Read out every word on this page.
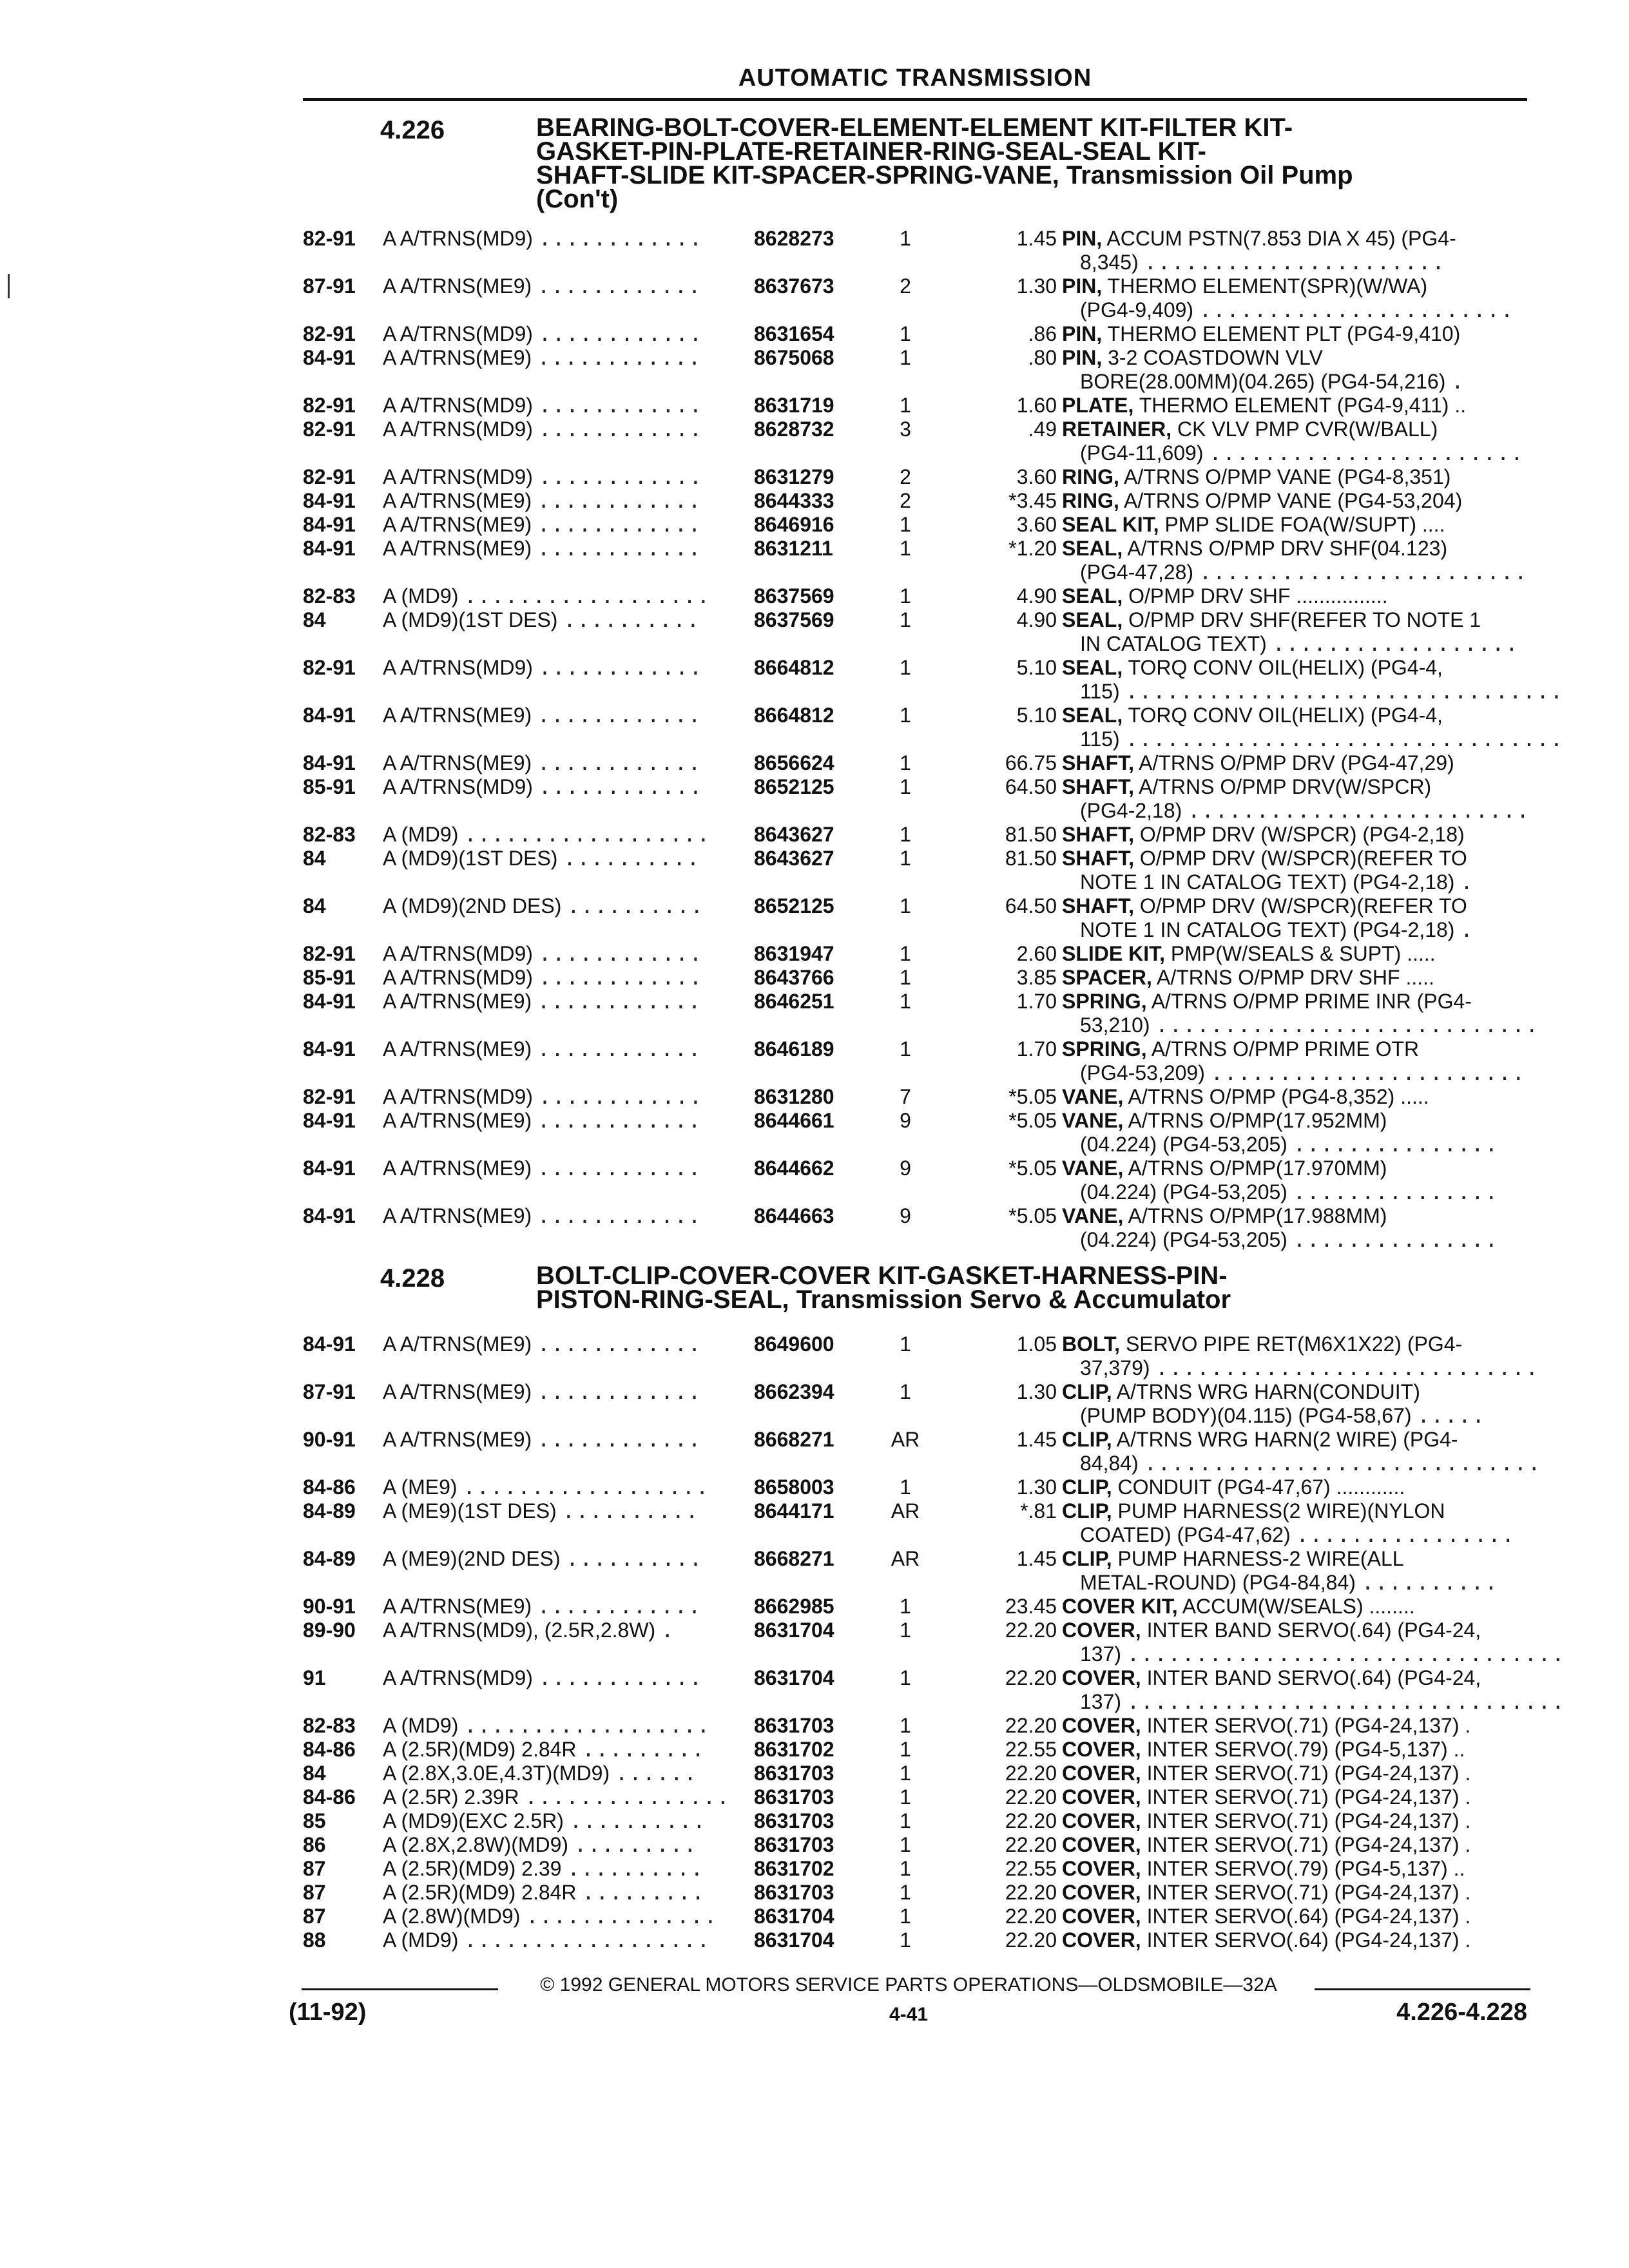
AUTOMATIC TRANSMISSION
4.226	BEARING-BOLT-COVER-ELEMENT-ELEMENT KIT-FILTER KIT-
GASKET-PIN-PLATE-RETAINER-RING-SEAL-SEAL KIT-
SHAFT-SLIDE KIT-SPACER-SPRING-VANE, Transmission Oil Pump
(Con't)
4.228	BOLT-CLIP-COVER-COVER KIT-GASKET-HARNESS-PIN-
PISTON-RING-SEAL, Transmission Servo & Accumulator
82-91 A A/TRNS(MD9) ............ 8628273	1	1.45 PIN, ACCUM PSTN(7.853 DIA X 45) (PG4-
8,345) ......................
87-91 A A/TRNS(ME9) ............	8637673	2	1.30 PIN, THERMO ELEMENT(SPR)(W/WA)
(PG4-9,409) .......................
82-91 A A/TRNS(MD9) ............ 8631654	1	.86 PIN, THERMO ELEMENT PLT (PG4-9,410)
84-91 A A/TRNS(ME9) ............	8675068	1	.80 PIN, 3-2 COASTDOWN VLV
BORE(28.00MM)(04.265) (PG4-54,216) .
82-91 A A/TRNS(MD9) ............ 8631719	1	1.60 PLATE, THERMO ELEMENT (PG4-9,411) ..
82-91 A A/TRNS(MD9) ............ 8628732	3	.49 RETAINER, CK VLV PMP CVR(W/BALL)
(PG4-11,609) .......................
82-91 A A/TRNS(MD9) ............ 8631279	2	3.60 RING, A/TRNS O/PMP VANE (PG4-8,351)
84-91 A A/TRNS(ME9) ............	8644333	2	*3.45 RING, A/TRNS O/PMP VANE (PG4-53,204)
84-91 A A/TRNS(ME9) ............	8646916	1	3.60 SEAL KIT, PMP SLIDE FOA(W/SUPT) ....
84-91 A A/TRNS(ME9) ............	8631211	1	*1.20 SEAL, A/TRNS O/PMP DRV SHF(04.123)
(PG4-47,28) ........................
82-83 A (MD9) .................. 8637569	1	4.90 SEAL, O/PMP DRV SHF ................
84	A (MD9)(1ST DES) ..........	8637569	1	4.90 SEAL, O/PMP DRV SHF(REFER TO NOTE 1
IN CATALOG TEXT) ..................
82-91 A A/TRNS(MD9) ............ 8664812	1	5.10 SEAL, TORQ CONV OIL(HELIX) (PG4-4,
115) ................................
84-91 A A/TRNS(ME9) ............	8664812	1	5.10 SEAL, TORQ CONV OIL(HELIX) (PG4-4,
115) ................................
84-91 A A/TRNS(ME9) ............	8656624	1	66.75 SHAFT, A/TRNS O/PMP DRV (PG4-47,29)
85-91 A A/TRNS(MD9) ............ 8652125	1	64.50 SHAFT, A/TRNS O/PMP DRV(W/SPCR)
(PG4-2,18) .........................
82-83 A (MD9) .................. 8643627	1	81.50 SHAFT, O/PMP DRV (W/SPCR) (PG4-2,18)
84	A (MD9)(1ST DES) ..........	8643627	1	81.50 SHAFT, O/PMP DRV (W/SPCR)(REFER TO
NOTE 1 IN CATALOG TEXT) (PG4-2,18) .
84	A (MD9)(2ND DES) .......... 8652125	1	64.50 SHAFT, O/PMP DRV (W/SPCR)(REFER TO
NOTE 1 IN CATALOG TEXT) (PG4-2,18) .
82-91 A A/TRNS(MD9) ............ 8631947	1	2.60 SLIDE KIT, PMP(W/SEALS & SUPT) .....
85-91 A A/TRNS(MD9) ............ 8643766	1	3.85 SPACER, A/TRNS O/PMP DRV SHF .....
84-91 A A/TRNS(ME9) ............	8646251	1	1.70 SPRING, A/TRNS O/PMP PRIME INR (PG4-
53,210) ............................
84-91 A A/TRNS(ME9) ............	8646189	1	1.70 SPRING, A/TRNS O/PMP PRIME OTR
(PG4-53,209) .......................
82-91 A A/TRNS(MD9) ............ 8631280	7	*5.05 VANE, A/TRNS O/PMP (PG4-8,352) .....
84-91 A A/TRNS(ME9) ............	8644661	9	*5.05 VANE, A/TRNS O/PMP(17.952MM)
(04.224) (PG4-53,205) ...............
84-91 A A/TRNS(ME9) ............	8644662	9	*5.05 VANE, A/TRNS O/PMP(17.970MM)
(04.224) (PG4-53,205) ...............
84-91 A A/TRNS(ME9) ............	8644663	9	*5.05 VANE, A/TRNS O/PMP(17.988MM)
(04.224) (PG4-53,205) ...............
84-91 A A/TRNS(ME9) ............	8649600	1	1.05 BOLT, SERVO PIPE RET(M6X1X22) (PG4-
37,379) ............................
87-91 A A/TRNS(ME9) ............	8662394	1	1.30 CLIP, A/TRNS WRG HARN(CONDUIT)
(PUMP BODY)(04.115) (PG4-58,67) .....
90-91 A A/TRNS(ME9) ............	8668271	AR	1.45 CLIP, A/TRNS WRG HARN(2 WIRE) (PG4-
84,84) .............................
84-86 A (ME9) .................. 8658003	1	1.30 CLIP, CONDUIT (PG4-47,67) ............
84-89 A (ME9)(1ST DES) ..........	8644171	AR	*.81 CLIP, PUMP HARNESS(2 WIRE)(NYLON
COATED) (PG4-47,62) ................
84-89 A (ME9)(2ND DES) .......... 8668271	AR	1.45 CLIP, PUMP HARNESS-2 WIRE(ALL
METAL-ROUND) (PG4-84,84) ..........
90-91 A A/TRNS(ME9) ............	8662985	1	23.45 COVER KIT, ACCUM(W/SEALS) ........
89-90 A A/TRNS(MD9), (2.5R,2.8W) .	8631704	1	22.20 COVER, INTER BAND SERVO(.64) (PG4-24,
137) ................................
91	A A/TRNS(MD9) ............ 8631704	1	22.20 COVER, INTER BAND SERVO(.64) (PG4-24,
137) ................................
82-83 A (MD9) .................. 8631703	1	22.20 COVER, INTER SERVO(.71) (PG4-24,137) .
84-86 A (2.5R)(MD9) 2.84R ......... 8631702	1	22.55 COVER, INTER SERVO(.79) (PG4-5,137) ..
84	A (2.8X,3.0E,4.3T)(MD9) ......	8631703	1	22.20 COVER, INTER SERVO(.71) (PG4-24,137) .
84-86 A (2.5R) 2.39R ............... 8631703	1	22.20 COVER, INTER SERVO(.71) (PG4-24,137) .
85	A (MD9)(EXC 2.5R) .......... 8631703	1	22.20 COVER, INTER SERVO(.71) (PG4-24,137) .
86	A (2.8X,2.8W)(MD9) .........	8631703	1	22.20 COVER, INTER SERVO(.71) (PG4-24,137) .
87	A (2.5R)(MD9) 2.39 .......... 8631702	1	22.55 COVER, INTER SERVO(.79) (PG4-5,137) ..
87	A (2.5R)(MD9) 2.84R ......... 8631703	1	22.20 COVER, INTER SERVO(.71) (PG4-24,137) .
87	A (2.8W)(MD9) .............. 8631704	1	22.20 COVER, INTER SERVO(.64) (PG4-24,137) .
88	A (MD9) .................. 8631704	1	22.20 COVER, INTER SERVO(.64) (PG4-24,137) .
© 1992 GENERAL MOTORS SERVICE PARTS OPERATIONS—OLDSMOBILE—32A
(11-92)	4-41	4.226-4.228
